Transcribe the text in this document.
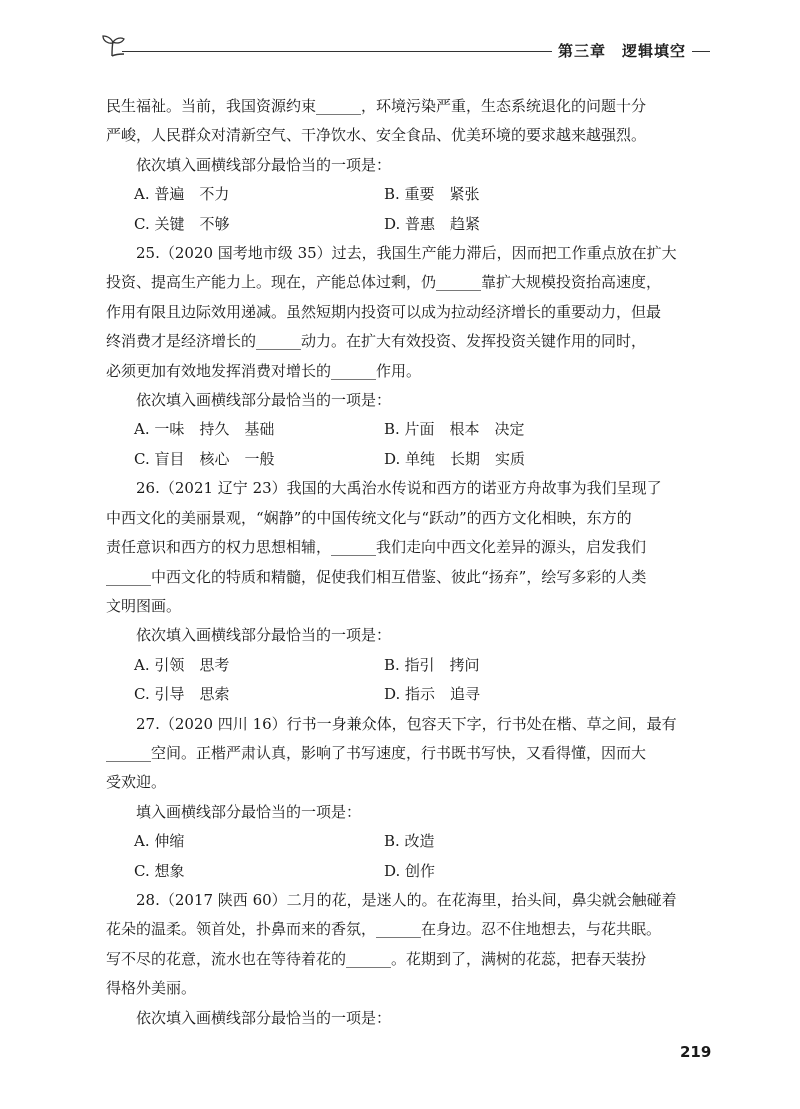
第三章　逻辑填空

民生福祉。当前，我国资源约束______，环境污染严重，生态系统退化的问题十分

严峻，人民群众对清新空气、干净饮水、安全食品、优美环境的要求越来越强烈。

依次填入画横线部分最恰当的一项是：

A. 普遍　不力	B. 重要　紧张
C. 关键　不够	D. 普惠　趋紧

25.（2020 国考地市级 35）过去，我国生产能力滞后，因而把工作重点放在扩大

投资、提高生产能力上。现在，产能总体过剩，仍______靠扩大规模投资抬高速度，

作用有限且边际效用递减。虽然短期内投资可以成为拉动经济增长的重要动力，但最

终消费才是经济增长的______动力。在扩大有效投资、发挥投资关键作用的同时，

必须更加有效地发挥消费对增长的______作用。

依次填入画横线部分最恰当的一项是：

A. 一味　持久　基础	B. 片面　根本　决定
C. 盲目　核心　一般	D. 单纯　长期　实质

26.（2021 辽宁 23）我国的大禹治水传说和西方的诺亚方舟故事为我们呈现了

中西文化的美丽景观，“娴静”的中国传统文化与“跃动”的西方文化相映，东方的

责任意识和西方的权力思想相辅，______我们走向中西文化差异的源头，启发我们

______中西文化的特质和精髓，促使我们相互借鉴、彼此“扬弃”，绘写多彩的人类

文明图画。

依次填入画横线部分最恰当的一项是：

A. 引领　思考	B. 指引　拷问
C. 引导　思索	D. 指示　追寻

27.（2020 四川 16）行书一身兼众体，包容天下字，行书处在楷、草之间，最有

______空间。正楷严肃认真，影响了书写速度，行书既书写快，又看得懂，因而大

受欢迎。

填入画横线部分最恰当的一项是：

A. 伸缩	B. 改造
C. 想象	D. 创作

28.（2017 陕西 60）二月的花，是迷人的。在花海里，抬头间，鼻尖就会触碰着

花朵的温柔。领首处，扑鼻而来的香氛，______在身边。忍不住地想去，与花共眠。

写不尽的花意，流水也在等待着花的______。花期到了，满树的花蕊，把春天装扮

得格外美丽。

依次填入画横线部分最恰当的一项是：

219
